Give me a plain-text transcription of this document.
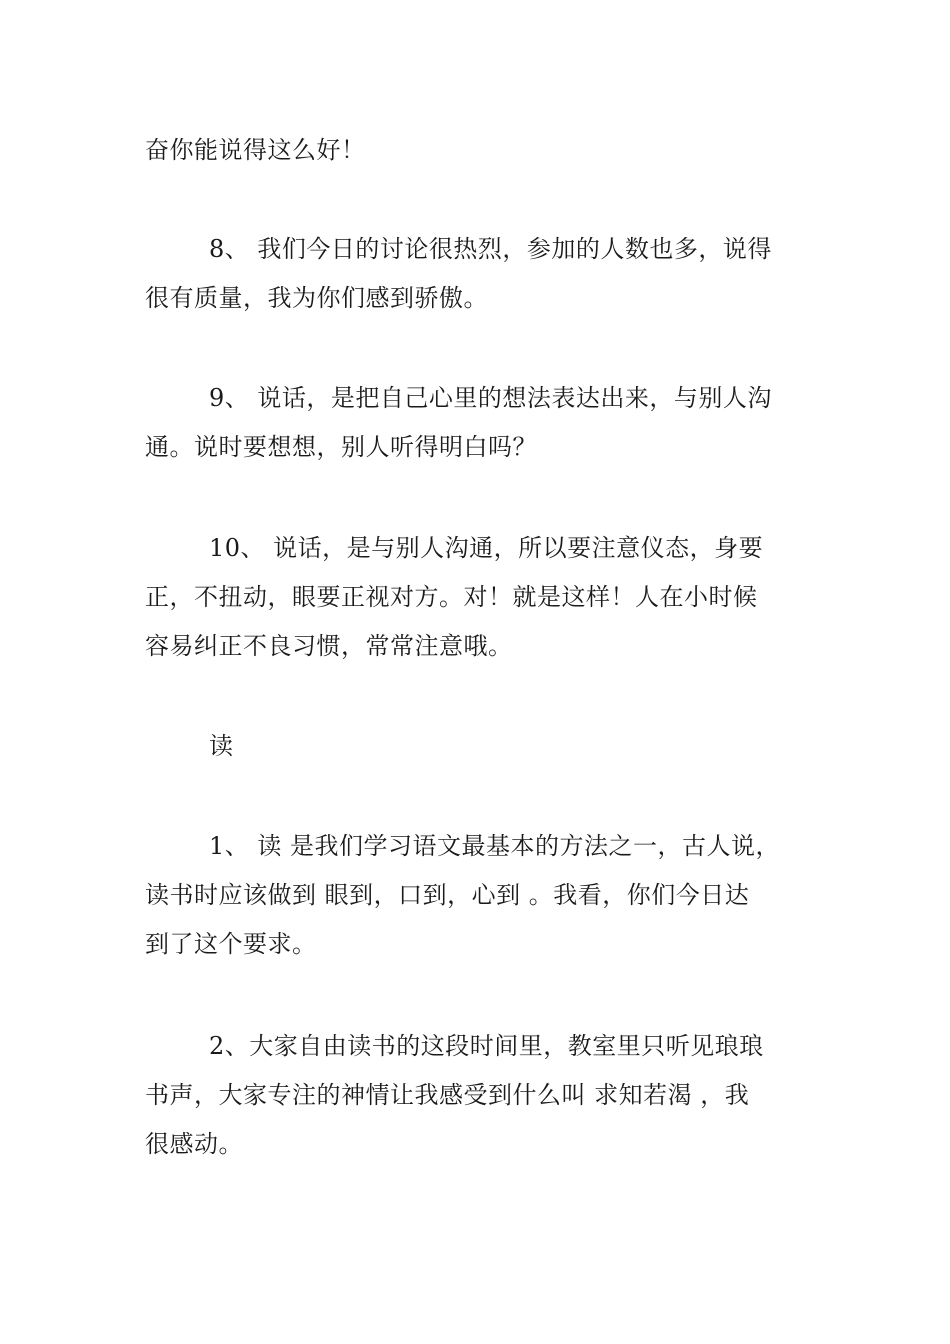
奋你能说得这么好！
8、 我们今日的讨论很热烈，参加的人数也多，说得
很有质量，我为你们感到骄傲。
9、 说话，是把自己心里的想法表达出来，与别人沟
通。说时要想想，别人听得明白吗？
10、 说话，是与别人沟通，所以要注意仪态，身要
正，不扭动，眼要正视对方。对！就是这样！人在小时候
容易纠正不良习惯，常常注意哦。
读
1、 读 是我们学习语文最基本的方法之一，古人说，
读书时应该做到 眼到，口到，心到 。我看，你们今日达
到了这个要求。
2、大家自由读书的这段时间里，教室里只听见琅琅
书声，大家专注的神情让我感受到什么叫 求知若渴 ，我
很感动。
